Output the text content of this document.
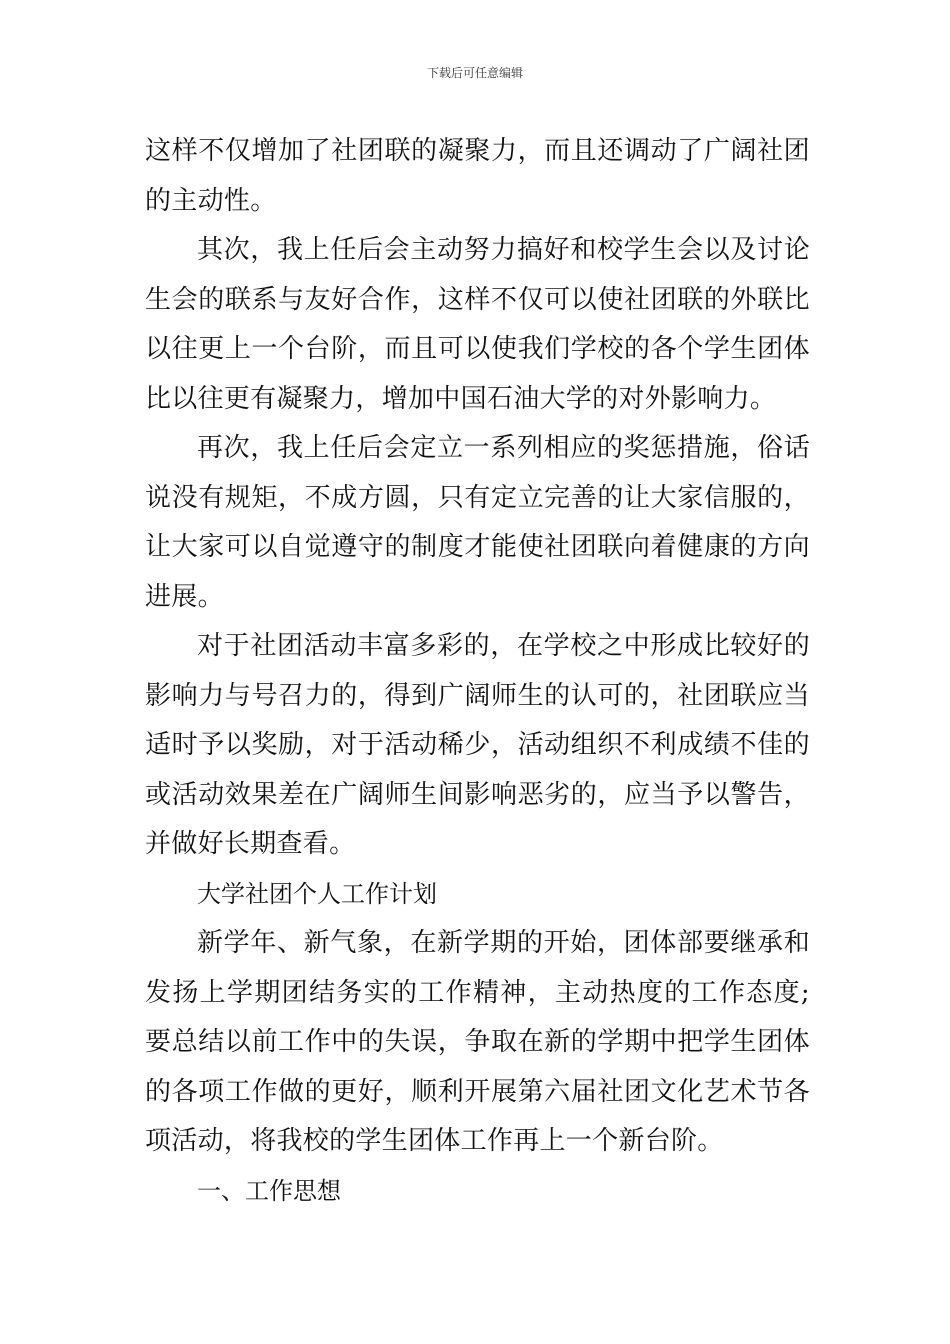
下载后可任意编辑

这样不仅增加了社团联的凝聚力，而且还调动了广阔社团的主动性。

其次，我上任后会主动努力搞好和校学生会以及讨论生会的联系与友好合作，这样不仅可以使社团联的外联比以往更上一个台阶，而且可以使我们学校的各个学生团体比以往更有凝聚力，增加中国石油大学的对外影响力。

再次，我上任后会定立一系列相应的奖惩措施，俗话说没有规矩，不成方圆，只有定立完善的让大家信服的，让大家可以自觉遵守的制度才能使社团联向着健康的方向进展。

对于社团活动丰富多彩的，在学校之中形成比较好的影响力与号召力的，得到广阔师生的认可的，社团联应当适时予以奖励，对于活动稀少，活动组织不利成绩不佳的或活动效果差在广阔师生间影响恶劣的，应当予以警告，并做好长期查看。

大学社团个人工作计划

新学年、新气象，在新学期的开始，团体部要继承和发扬上学期团结务实的工作精神，主动热度的工作态度;要总结以前工作中的失误，争取在新的学期中把学生团体的各项工作做的更好，顺利开展第六届社团文化艺术节各项活动，将我校的学生团体工作再上一个新台阶。

一、工作思想
